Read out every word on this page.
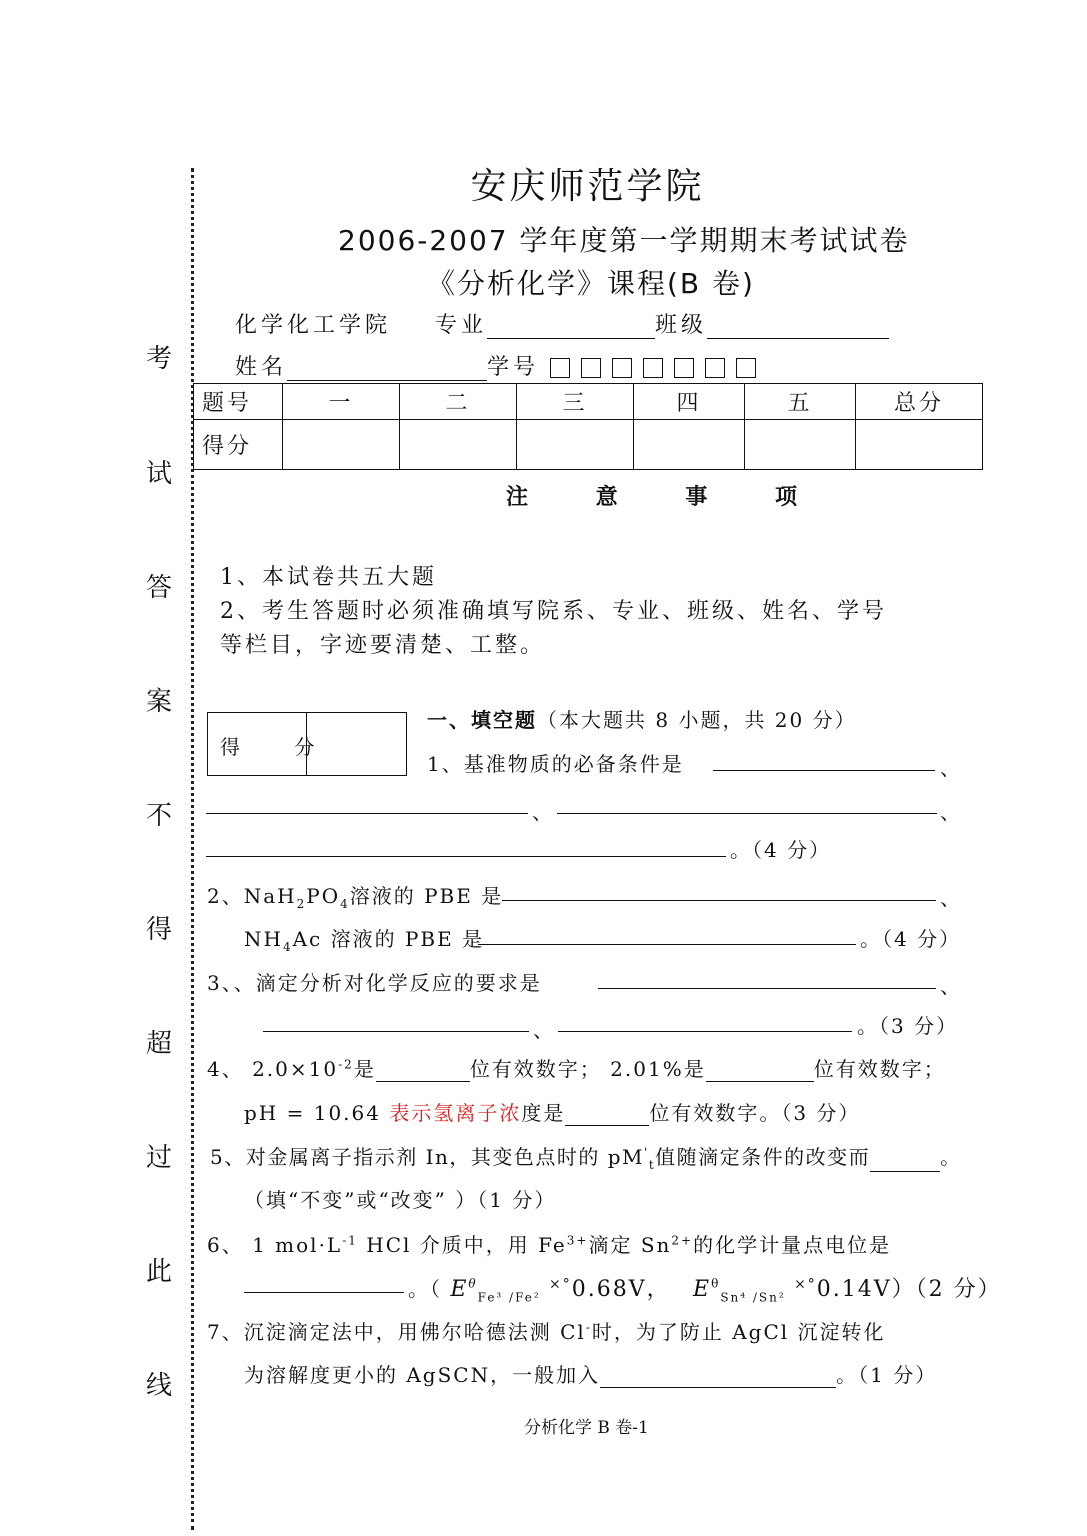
考
试
答
案
不
得
超
过
此
线
安庆师范学院
2006-2007 学年度第一学期期末考试试卷
《分析化学》课程(B 卷)
化学化工学院 专业	班级
姓名	学号
题号	一	二	三	四	五	总分
得分						
注 意 事 项
1、本试卷共五大题
2、考生答题时必须准确填写院系、专业、班级、姓名、学号
等栏目，字迹要清楚、工整。
得 分
一、填空题（本大题共 8 小题，共 20 分）
1、基准物质的必备条件是	、
、	、
。（4 分）
2、$NaH_2PO_4$溶液的 PBE 是	、
$NH_4Ac$ 溶液的 PBE 是	。（4 分）
3、、滴定分析对化学反应的要求是	、
、	。（3 分）
4、 $2.0\times 10^{-2}$是	位有效数字； 2.01%是	位有效数字；
pH = 10.64 表示氢离子浓度是	位有效数字。（3 分）
5、对金属离子指示剂 In，其变色点时的 $pM'_t$值随滴定条件的改变而	。
（填“不变”或“改变” ）（1 分）
6、 1 $mol\cdot L^{-1}$ HCl 介质中，用 $Fe^{3+}$滴定 $Sn^{2+}$的化学计量点电位是
。（ $E^\theta_{Fe^3 /Fe^2}$ ×°0.68V， $E^\theta_{Sn^4 /Sn^2}$ ×°0.14V）（2 分）
7、沉淀滴定法中，用佛尔哈德法测 Cl-时，为了防止 AgCl 沉淀转化
为溶解度更小的 AgSCN，一般加入	。（1 分）
分析化学 B 卷-1
